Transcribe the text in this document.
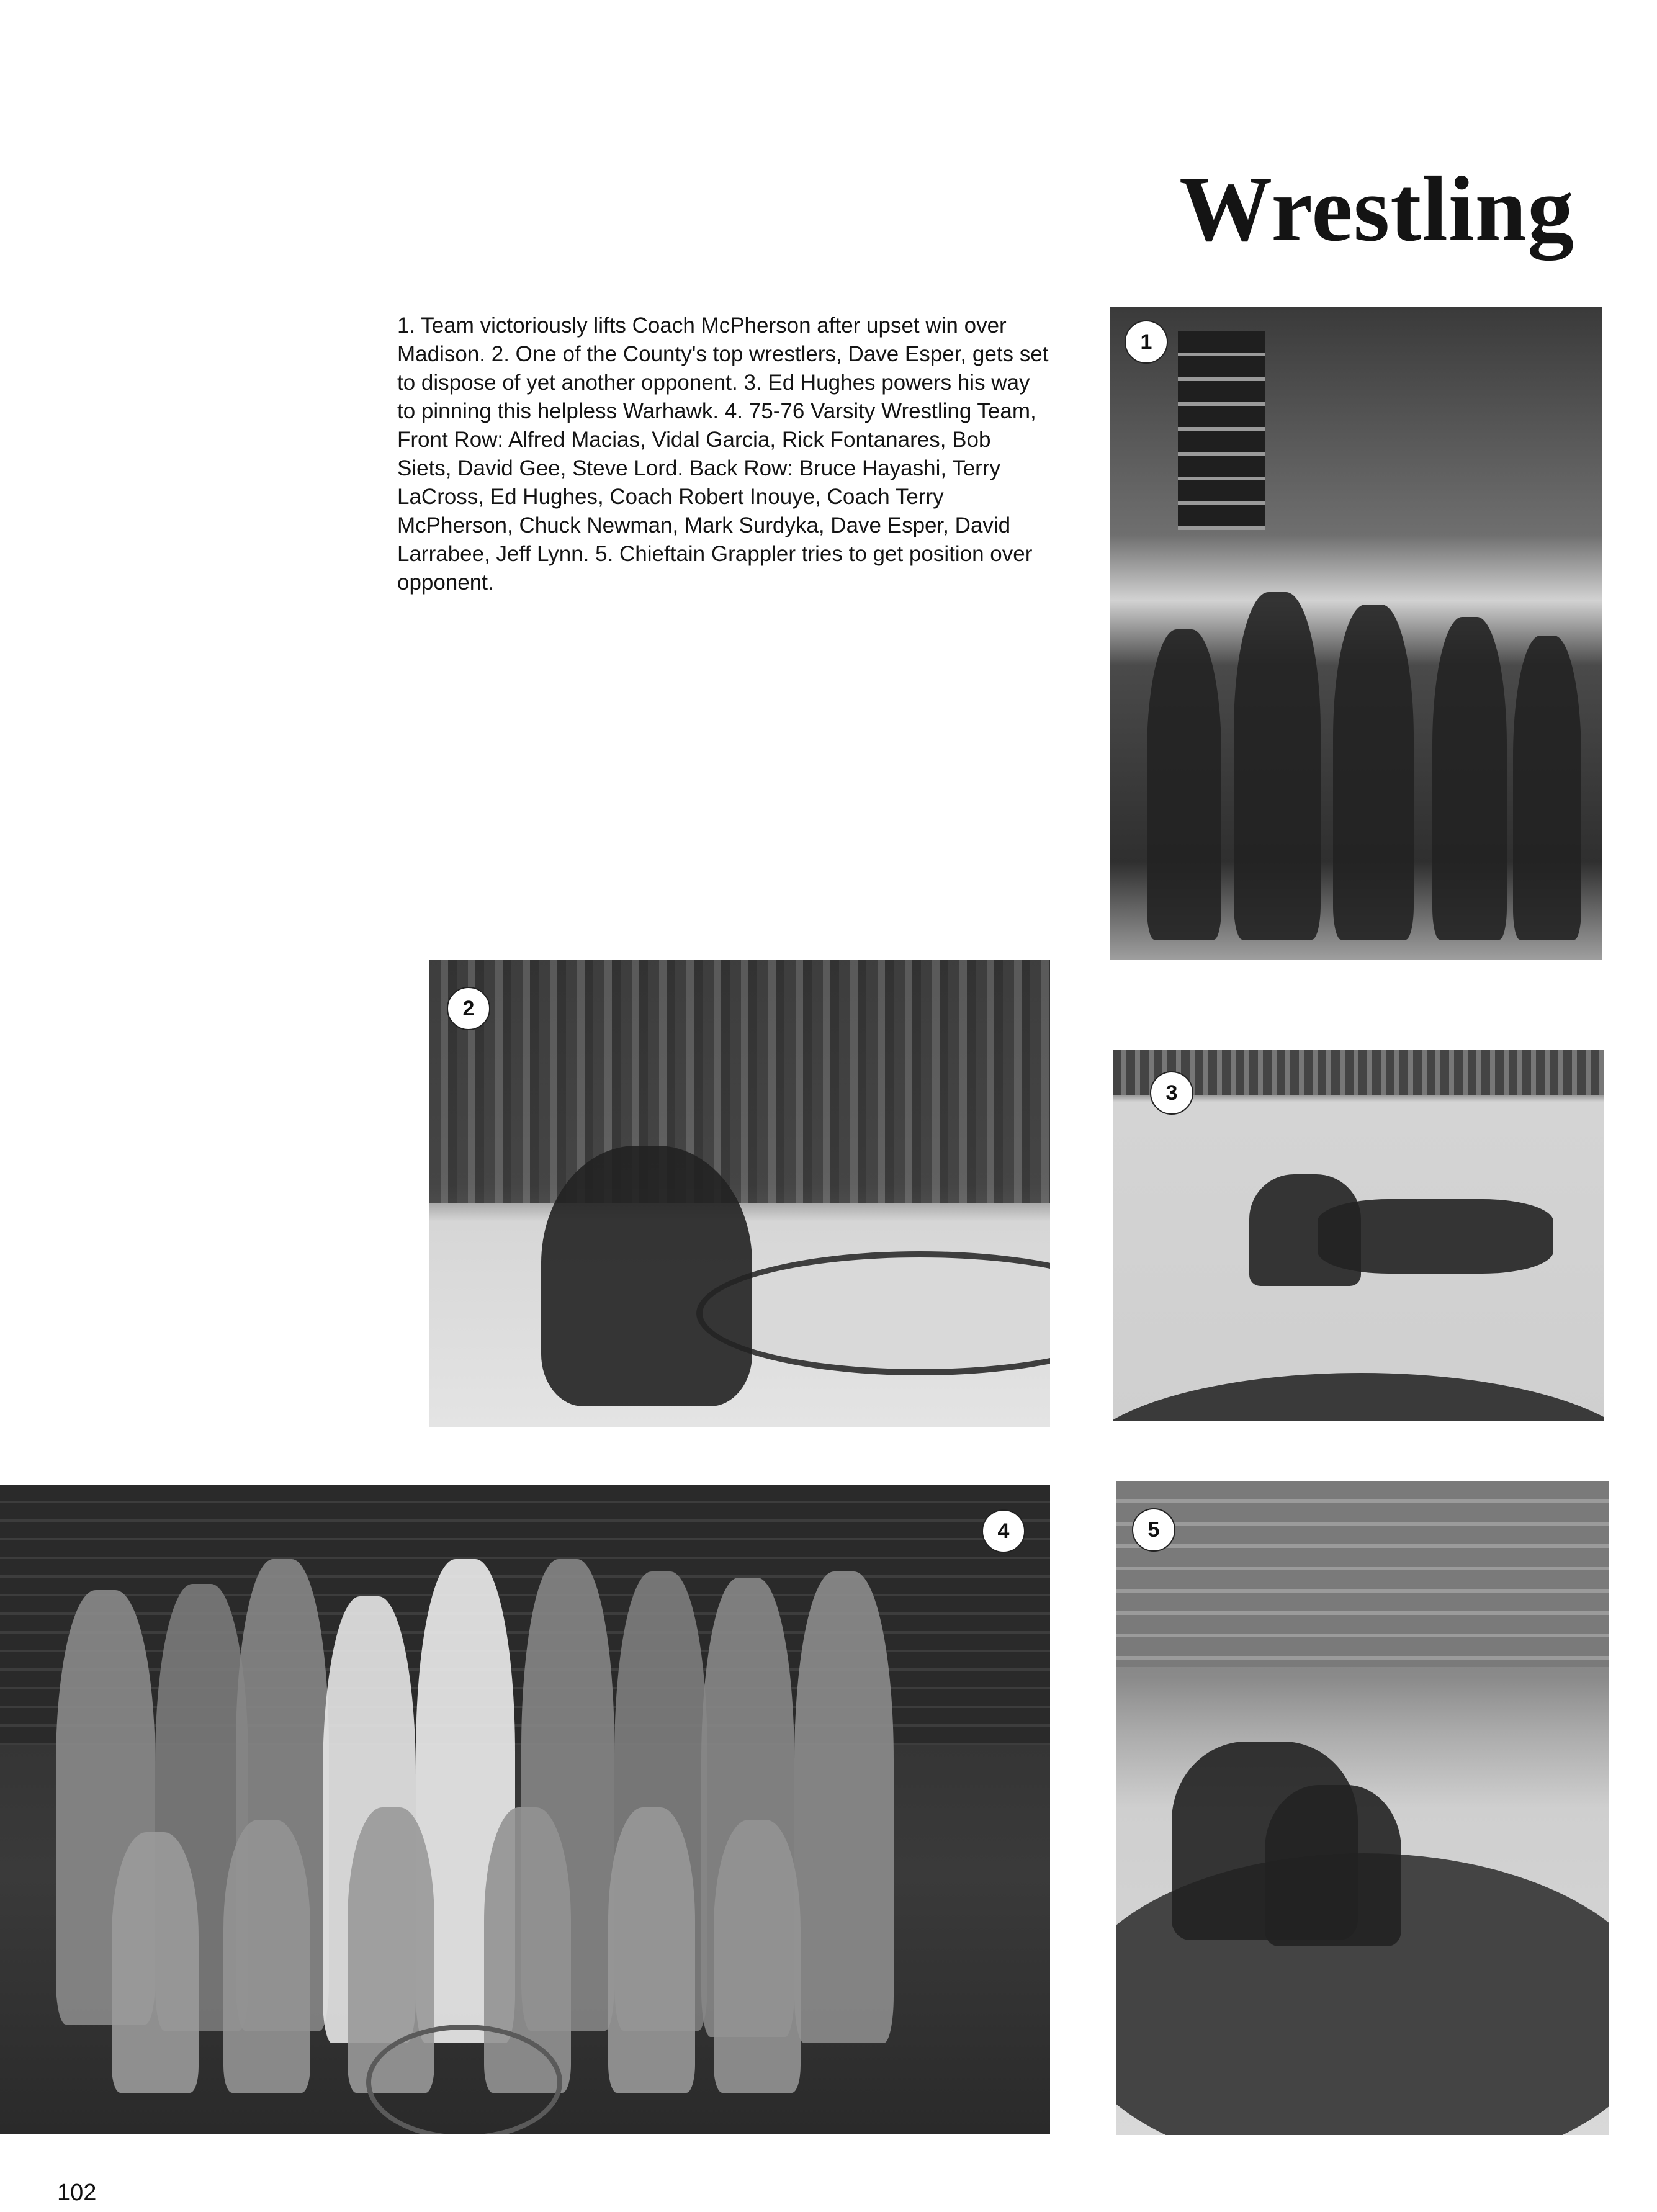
Wrestling

1. Team victoriously lifts Coach McPherson after upset win over Madison. 2. One of the County's top wrestlers, Dave Esper, gets set to dispose of yet another opponent. 3. Ed Hughes powers his way to pinning this helpless Warhawk. 4. 75-76 Varsity Wrestling Team, Front Row: Alfred Macias, Vidal Garcia, Rick Fontanares, Bob Siets, David Gee, Steve Lord. Back Row: Bruce Hayashi, Terry LaCross, Ed Hughes, Coach Robert Inouye, Coach Terry McPherson, Chuck Newman, Mark Surdyka, Dave Esper, David Larrabee, Jeff Lynn. 5. Chieftain Grappler tries to get position over opponent.

1
2
3
4	5
102
